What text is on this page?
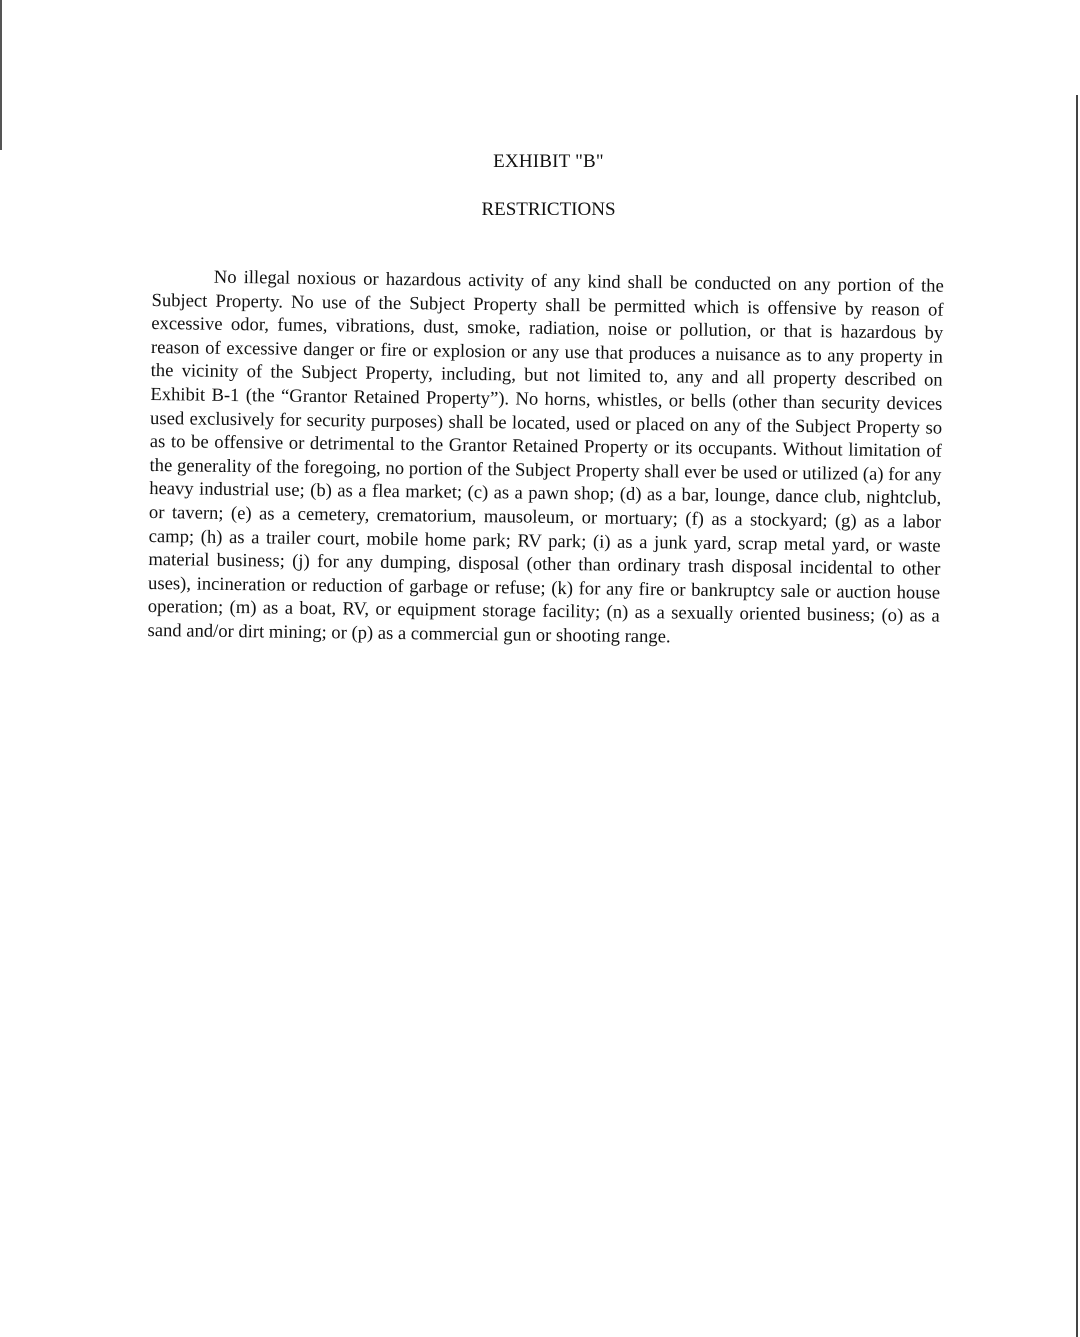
EXHIBIT "B"
RESTRICTIONS

No illegal noxious or hazardous activity of any kind shall be conducted on any portion of the Subject Property. No use of the Subject Property shall be permitted which is offensive by reason of excessive odor, fumes, vibrations, dust, smoke, radiation, noise or pollution, or that is hazardous by reason of excessive danger or fire or explosion or any use that produces a nuisance as to any property in the vicinity of the Subject Property, including, but not limited to, any and all property described on Exhibit B-1 (the “Grantor Retained Property”). No horns, whistles, or bells (other than security devices used exclusively for security purposes) shall be located, used or placed on any of the Subject Property so as to be offensive or detrimental to the Grantor Retained Property or its occupants. Without limitation of the generality of the foregoing, no portion of the Subject Property shall ever be used or utilized (a) for any heavy industrial use; (b) as a flea market; (c) as a pawn shop; (d) as a bar, lounge, dance club, nightclub, or tavern; (e) as a cemetery, crematorium, mausoleum, or mortuary; (f) as a stockyard; (g) as a labor camp; (h) as a trailer court, mobile home park; RV park; (i) as a junk yard, scrap metal yard, or waste material business; (j) for any dumping, disposal (other than ordinary trash disposal incidental to other uses), incineration or reduction of garbage or refuse; (k) for any fire or bankruptcy sale or auction house operation; (m) as a boat, RV, or equipment storage facility; (n) as a sexually oriented business; (o) as a sand and/or dirt mining; or (p) as a commercial gun or shooting range.
